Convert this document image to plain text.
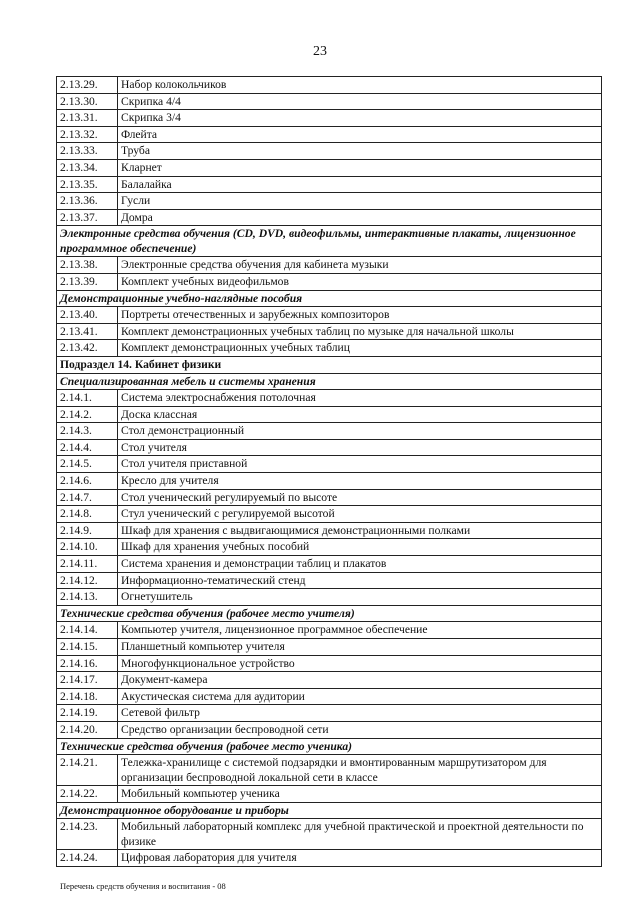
23
2.13.29.	Набор колокольчиков
2.13.30.	Скрипка 4/4
2.13.31.	Скрипка 3/4
2.13.32.	Флейта
2.13.33.	Труба
2.13.34.	Кларнет
2.13.35.	Балалайка
2.13.36.	Гусли
2.13.37.	Домра
Электронные средства обучения (CD, DVD, видеофильмы, интерактивные плакаты, лицензионное программное обеспечение)	
2.13.38.	Электронные средства обучения для кабинета музыки
2.13.39.	Комплект учебных видеофильмов
Демонстрационные учебно-наглядные пособия	
2.13.40.	Портреты отечественных и зарубежных композиторов
2.13.41.	Комплект демонстрационных учебных таблиц по музыке для начальной школы
2.13.42.	Комплект демонстрационных учебных таблиц
Подраздел 14. Кабинет физики	
Специализированная мебель и системы хранения	
2.14.1.	Система электроснабжения потолочная
2.14.2.	Доска классная
2.14.3.	Стол демонстрационный
2.14.4.	Стол учителя
2.14.5.	Стол учителя приставной
2.14.6.	Кресло для учителя
2.14.7.	Стол ученический регулируемый по высоте
2.14.8.	Стул ученический с регулируемой высотой
2.14.9.	Шкаф для хранения с выдвигающимися демонстрационными полками
2.14.10.	Шкаф для хранения учебных пособий
2.14.11.	Система хранения и демонстрации таблиц и плакатов
2.14.12.	Информационно-тематический стенд
2.14.13.	Огнетушитель
Технические средства обучения (рабочее место учителя)	
2.14.14.	Компьютер учителя, лицензионное программное обеспечение
2.14.15.	Планшетный компьютер учителя
2.14.16.	Многофункциональное устройство
2.14.17.	Документ-камера
2.14.18.	Акустическая система для аудитории
2.14.19.	Сетевой фильтр
2.14.20.	Средство организации беспроводной сети
Технические средства обучения (рабочее место ученика)	
2.14.21.	Тележка-хранилище с системой подзарядки и вмонтированным маршрутизатором для организации беспроводной локальной сети в классе
2.14.22.	Мобильный компьютер ученика
Демонстрационное оборудование и приборы	
2.14.23.	Мобильный лабораторный комплекс для учебной практической и проектной деятельности по физике
2.14.24.	Цифровая лаборатория для учителя
Перечень средств обучения и воспитания - 08
